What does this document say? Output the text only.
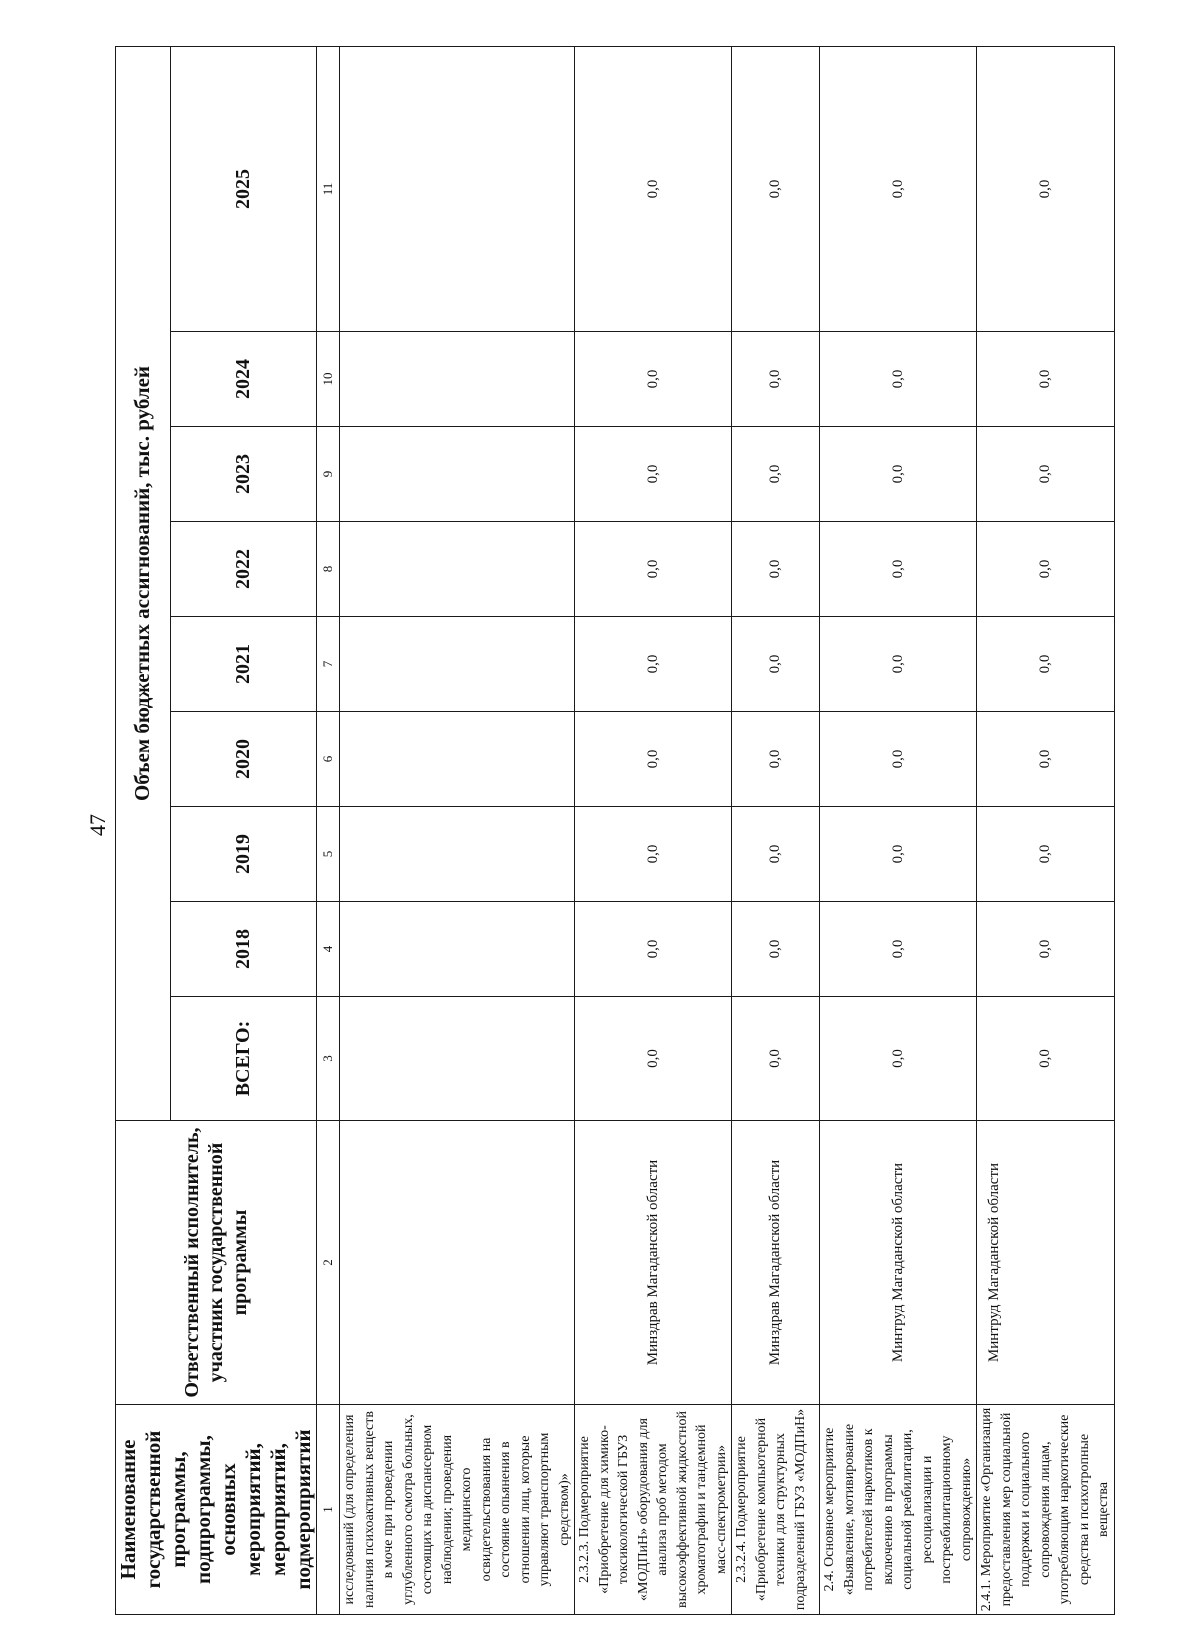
47
Наименование государственной программы, подпрограммы, основных мероприятий, мероприятий, подмероприятий	Ответственный исполнитель, участник государственной программы	Объем бюджетных ассигнований, тыс. рублей								
		ВСЕГО:	2018	2019	2020	2021	2022	2023	2024	2025
1	2	3	4	5	6	7	8	9	10	11
исследований (для определения наличия психоактивных веществ в моче при проведении углубленного осмотра больных, состоящих на диспансерном наблюдении; проведения медицинского освидетельствования на состояние опьянения в отношении лиц, которые управляют транспортным средством)»										
2.3.2.3. Подмероприятие «Приобретение для химико-токсикологической ГБУЗ «МОДПиН» оборудования для анализа проб методом высокоэффективной жидкостной хроматографии и тандемной масс-спектрометрии»	Минздрав Магаданской области	0,0	0,0	0,0	0,0	0,0	0,0	0,0	0,0	0,0
2.3.2.4. Подмероприятие «Приобретение компьютерной техники для структурных подразделений ГБУЗ «МОДПиН»	Минздрав Магаданской области	0,0	0,0	0,0	0,0	0,0	0,0	0,0	0,0	0,0
2.4. Основное мероприятие «Выявление, мотивирование потребителей наркотиков к включению в программы социальной реабилитации, ресоциализации и постреабилитационному сопровождению»	Минтруд Магаданской области	0,0	0,0	0,0	0,0	0,0	0,0	0,0	0,0	0,0
2.4.1. Мероприятие «Организация предоставления мер социальной поддержки и социального сопровождения лицам, употребляющим наркотические средства и психотропные вещества	Минтруд Магаданской области	0,0	0,0	0,0	0,0	0,0	0,0	0,0	0,0	0,0
